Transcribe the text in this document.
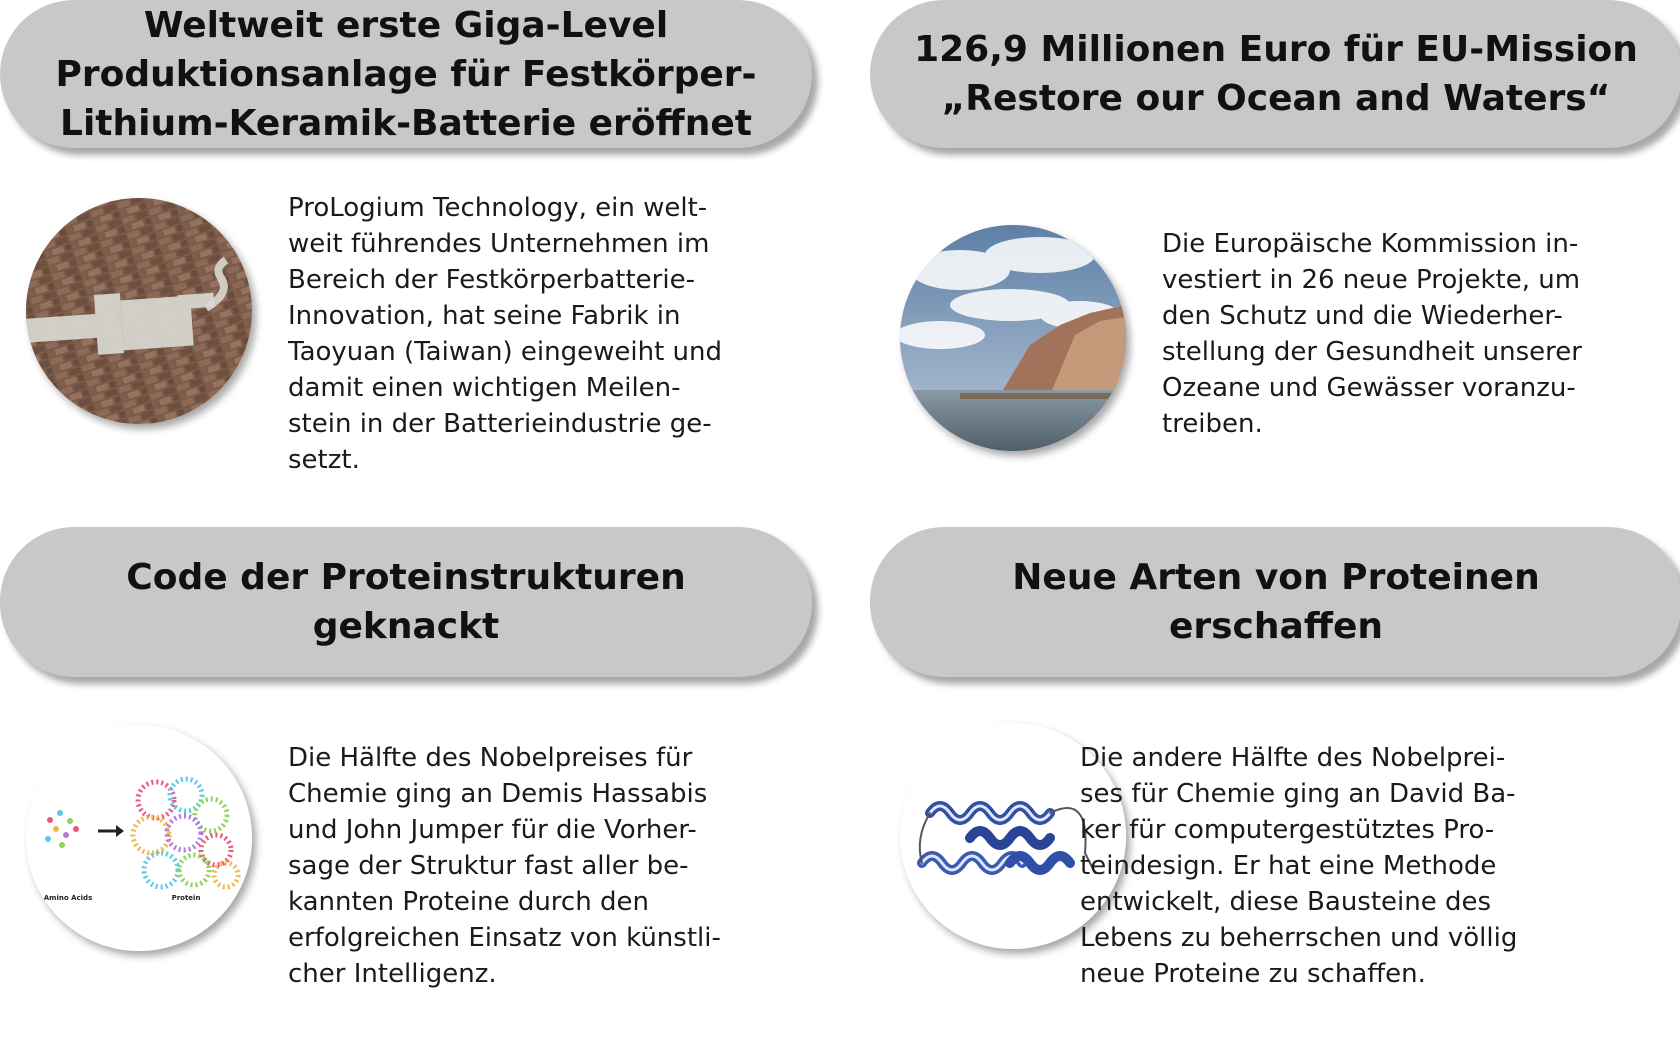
Weltweit erste Giga-Level
Produktionsanlage für Festkörper-
Lithium-Keramik-Batterie eröffnet

ProLogium Technology, ein welt-
weit führendes Unternehmen im
Bereich der Festkörperbatterie-
Innovation, hat seine Fabrik in
Taoyuan (Taiwan) eingeweiht und
damit einen wichtigen Meilen-
stein in der Batterieindustrie ge-
setzt.

126,9 Millionen Euro für EU-Mission
„Restore our Ocean and Waters“

Die Europäische Kommission in-
vestiert in 26 neue Projekte, um
den Schutz und die Wiederher-
stellung der Gesundheit unserer
Ozeane und Gewässer voranzu-
treiben.

Code der Proteinstrukturen geknackt
Amino Acids	Protein

Die Hälfte des Nobelpreises für
Chemie ging an Demis Hassabis
und John Jumper für die Vorher-
sage der Struktur fast aller be-
kannten Proteine durch den
erfolgreichen Einsatz von künstli-
cher Intelligenz.

Neue Arten von Proteinen erschaffen

Die andere Hälfte des Nobelprei-
ses für Chemie ging an David Ba-
ker für computergestütztes Pro-
teindesign. Er hat eine Methode
entwickelt, diese Bausteine des
Lebens zu beherrschen und völlig
neue Proteine zu schaffen.
